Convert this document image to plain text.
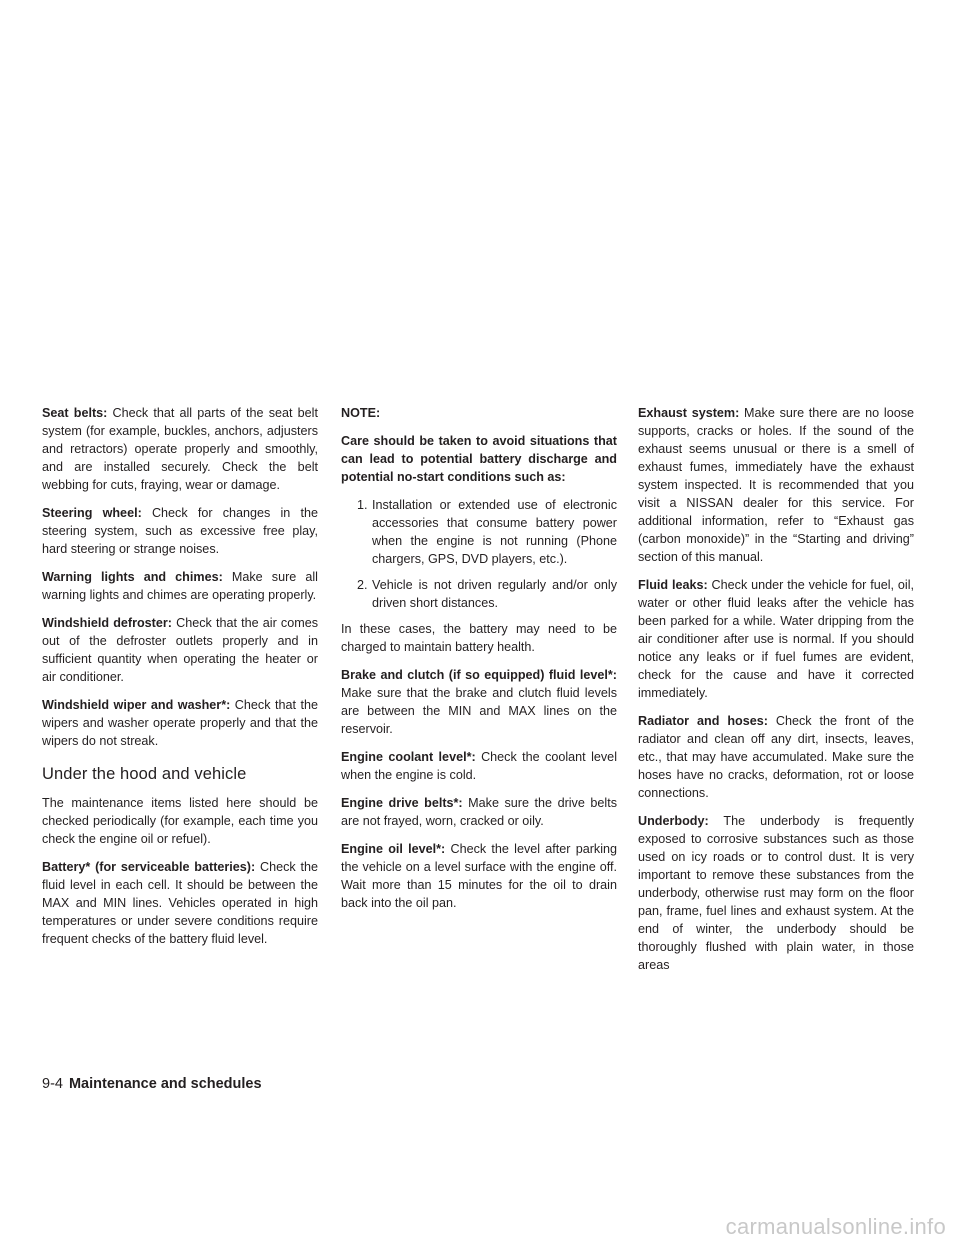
Seat belts: Check that all parts of the seat belt system (for example, buckles, anchors, adjusters and retractors) operate properly and smoothly, and are installed securely. Check the belt webbing for cuts, fraying, wear or damage.

Steering wheel: Check for changes in the steering system, such as excessive free play, hard steering or strange noises.

Warning lights and chimes: Make sure all warning lights and chimes are operating properly.

Windshield defroster: Check that the air comes out of the defroster outlets properly and in sufficient quantity when operating the heater or air conditioner.

Windshield wiper and washer*: Check that the wipers and washer operate properly and that the wipers do not streak.

Under the hood and vehicle

The maintenance items listed here should be checked periodically (for example, each time you check the engine oil or refuel).

Battery* (for serviceable batteries): Check the fluid level in each cell. It should be between the MAX and MIN lines. Vehicles operated in high temperatures or under severe conditions require frequent checks of the battery fluid level.

NOTE:

Care should be taken to avoid situations that can lead to potential battery discharge and potential no-start conditions such as:

1. Installation or extended use of electronic accessories that consume battery power when the engine is not running (Phone chargers, GPS, DVD players, etc.).
2. Vehicle is not driven regularly and/or only driven short distances.

In these cases, the battery may need to be charged to maintain battery health.

Brake and clutch (if so equipped) fluid level*: Make sure that the brake and clutch fluid levels are between the MIN and MAX lines on the reservoir.

Engine coolant level*: Check the coolant level when the engine is cold.

Engine drive belts*: Make sure the drive belts are not frayed, worn, cracked or oily.

Engine oil level*: Check the level after parking the vehicle on a level surface with the engine off. Wait more than 15 minutes for the oil to drain back into the oil pan.

Exhaust system: Make sure there are no loose supports, cracks or holes. If the sound of the exhaust seems unusual or there is a smell of exhaust fumes, immediately have the exhaust system inspected. It is recommended that you visit a NISSAN dealer for this service. For additional information, refer to “Exhaust gas (carbon monoxide)” in the “Starting and driving” section of this manual.

Fluid leaks: Check under the vehicle for fuel, oil, water or other fluid leaks after the vehicle has been parked for a while. Water dripping from the air conditioner after use is normal. If you should notice any leaks or if fuel fumes are evident, check for the cause and have it corrected immediately.

Radiator and hoses: Check the front of the radiator and clean off any dirt, insects, leaves, etc., that may have accumulated. Make sure the hoses have no cracks, deformation, rot or loose connections.

Underbody: The underbody is frequently exposed to corrosive substances such as those used on icy roads or to control dust. It is very important to remove these substances from the underbody, otherwise rust may form on the floor pan, frame, fuel lines and exhaust system. At the end of winter, the underbody should be thoroughly flushed with plain water, in those areas

9-4 Maintenance and schedules
carmanualsonline.info
